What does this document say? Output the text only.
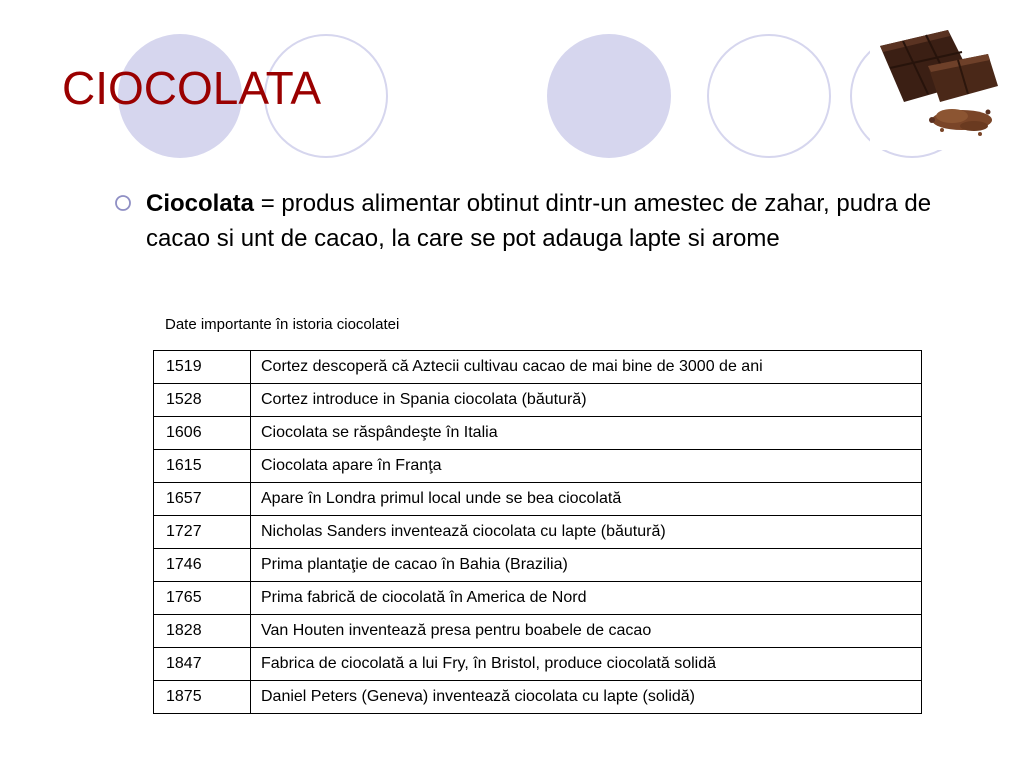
CIOCOLATA
Ciocolata = produs alimentar obtinut dintr-un amestec de zahar, pudra de cacao si unt de cacao, la care se pot adauga lapte si arome
Date importante în istoria ciocolatei
1519	Cortez descoperă că Aztecii cultivau cacao de mai bine de 3000 de ani
1528	Cortez introduce in Spania ciocolata (băutură)
1606	Ciocolata se răspândeşte în Italia
1615	Ciocolata apare în Franţa
1657	Apare în Londra primul local unde se bea ciocolată
1727	Nicholas Sanders inventează ciocolata cu lapte (băutură)
1746	Prima plantaţie de cacao în Bahia (Brazilia)
1765	Prima fabrică de ciocolată în America de Nord
1828	Van Houten inventează presa pentru boabele de cacao
1847	Fabrica de ciocolată a lui Fry, în Bristol, produce ciocolată solidă
1875	Daniel Peters (Geneva) inventează ciocolata cu lapte (solidă)
